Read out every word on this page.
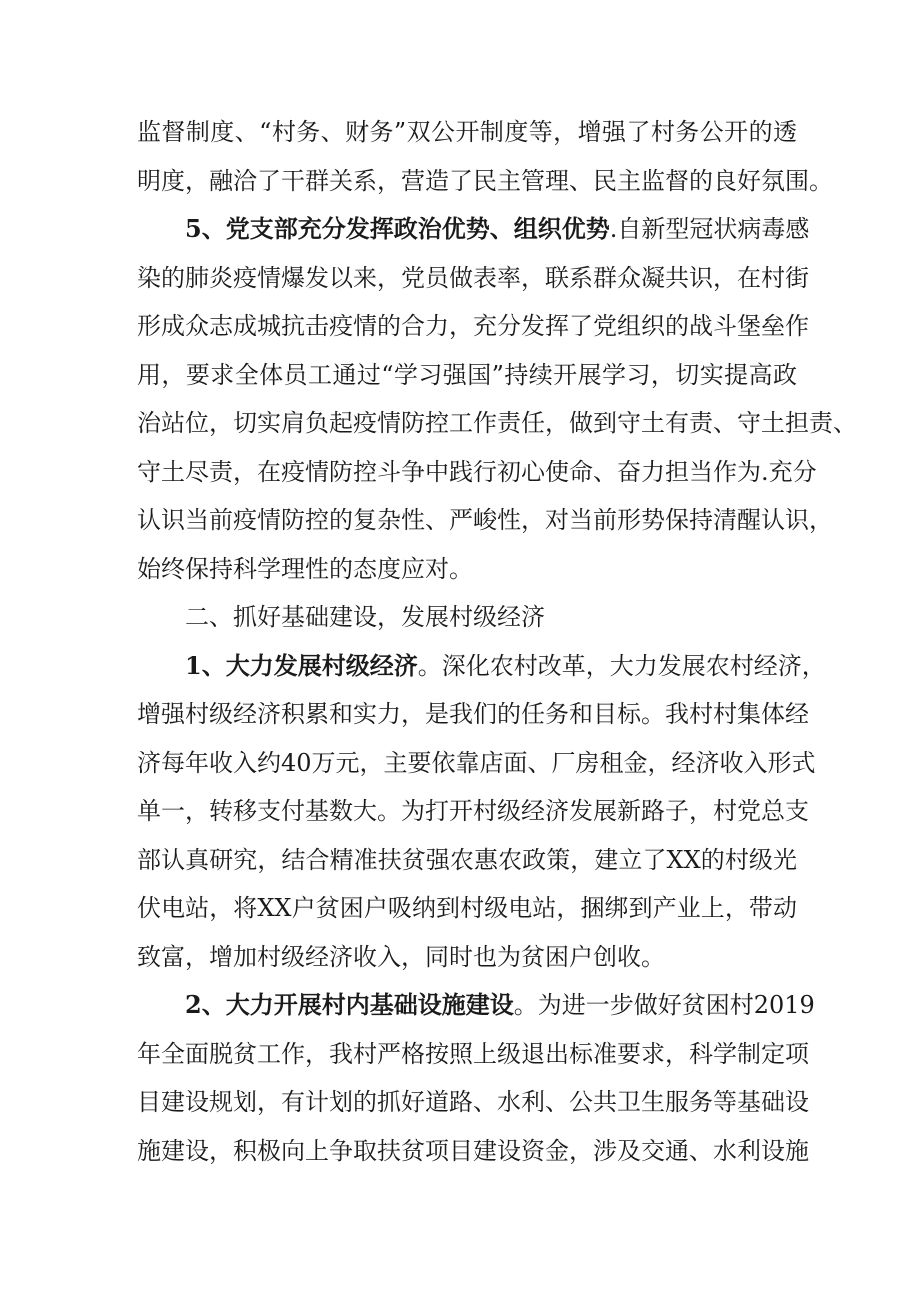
监督制度、“村务、财务”双公开制度等，增强了村务公开的透
明度，融洽了干群关系，营造了民主管理、民主监督的良好氛围。
5、党支部充分发挥政治优势、组织优势.自新型冠状病毒感
染的肺炎疫情爆发以来，党员做表率，联系群众凝共识，在村街
形成众志成城抗击疫情的合力，充分发挥了党组织的战斗堡垒作
用，要求全体员工通过“学习强国”持续开展学习，切实提高政
治站位，切实肩负起疫情防控工作责任，做到守土有责、守土担责、
守土尽责，在疫情防控斗争中践行初心使命、奋力担当作为.充分
认识当前疫情防控的复杂性、严峻性，对当前形势保持清醒认识，
始终保持科学理性的态度应对。
二、抓好基础建设，发展村级经济
1、大力发展村级经济。深化农村改革，大力发展农村经济，
增强村级经济积累和实力，是我们的任务和目标。我村村集体经
济每年收入约40万元，主要依靠店面、厂房租金，经济收入形式
单一，转移支付基数大。为打开村级经济发展新路子，村党总支
部认真研究，结合精准扶贫强农惠农政策，建立了XX的村级光
伏电站，将XX户贫困户吸纳到村级电站，捆绑到产业上，带动
致富，增加村级经济收入，同时也为贫困户创收。
2、大力开展村内基础设施建设。为进一步做好贫困村2019
年全面脱贫工作，我村严格按照上级退出标准要求，科学制定项
目建设规划，有计划的抓好道路、水利、公共卫生服务等基础设
施建设，积极向上争取扶贫项目建设资金，涉及交通、水利设施
